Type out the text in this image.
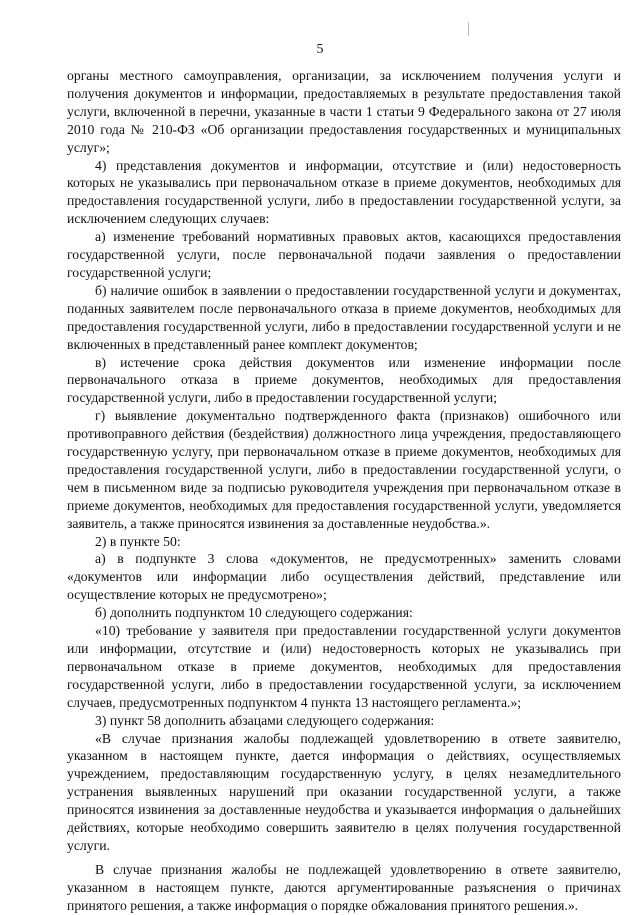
5

органы местного самоуправления, организации, за исключением получения услуги и получения документов и информации, предоставляемых в результате предоставления такой услуги, включенной в перечни, указанные в части 1 статьи 9 Федерального закона от 27 июля 2010 года № 210-ФЗ «Об организации предоставления государственных и муниципальных услуг»;

4) представления документов и информации, отсутствие и (или) недостоверность которых не указывались при первоначальном отказе в приеме документов, необходимых для предоставления государственной услуги, либо в предоставлении государственной услуги, за исключением следующих случаев:

а) изменение требований нормативных правовых актов, касающихся предоставления государственной услуги, после первоначальной подачи заявления о предоставлении государственной услуги;

б) наличие ошибок в заявлении о предоставлении государственной услуги и документах, поданных заявителем после первоначального отказа в приеме документов, необходимых для предоставления государственной услуги, либо в предоставлении государственной услуги и не включенных в представленный ранее комплект документов;

в) истечение срока действия документов или изменение информации после первоначального отказа в приеме документов, необходимых для предоставления государственной услуги, либо в предоставлении государственной услуги;

г) выявление документально подтвержденного факта (признаков) ошибочного или противоправного действия (бездействия) должностного лица учреждения, предоставляющего государственную услугу, при первоначальном отказе в приеме документов, необходимых для предоставления государственной услуги, либо в предоставлении государственной услуги, о чем в письменном виде за подписью руководителя учреждения при первоначальном отказе в приеме документов, необходимых для предоставления государственной услуги, уведомляется заявитель, а также приносятся извинения за доставленные неудобства.».

2) в пункте 50:

а) в подпункте 3 слова «документов, не предусмотренных» заменить словами «документов или информации либо осуществления действий, представление или осуществление которых не предусмотрено»;

б) дополнить подпунктом 10 следующего содержания:

«10) требование у заявителя при предоставлении государственной услуги документов или информации, отсутствие и (или) недостоверность которых не указывались при первоначальном отказе в приеме документов, необходимых для предоставления государственной услуги, либо в предоставлении государственной услуги, за исключением случаев, предусмотренных подпунктом 4 пункта 13 настоящего регламента.»;

3) пункт 58 дополнить абзацами следующего содержания:

«В случае признания жалобы подлежащей удовлетворению в ответе заявителю, указанном в настоящем пункте, дается информация о действиях, осуществляемых учреждением, предоставляющим государственную услугу, в целях незамедлительного устранения выявленных нарушений при оказании государственной услуги, а также приносятся извинения за доставленные неудобства и указывается информация о дальнейших действиях, которые необходимо совершить заявителю в целях получения государственной услуги.

В случае признания жалобы не подлежащей удовлетворению в ответе заявителю, указанном в настоящем пункте, даются аргументированные разъяснения о причинах принятого решения, а также информация о порядке обжалования принятого решения.».
